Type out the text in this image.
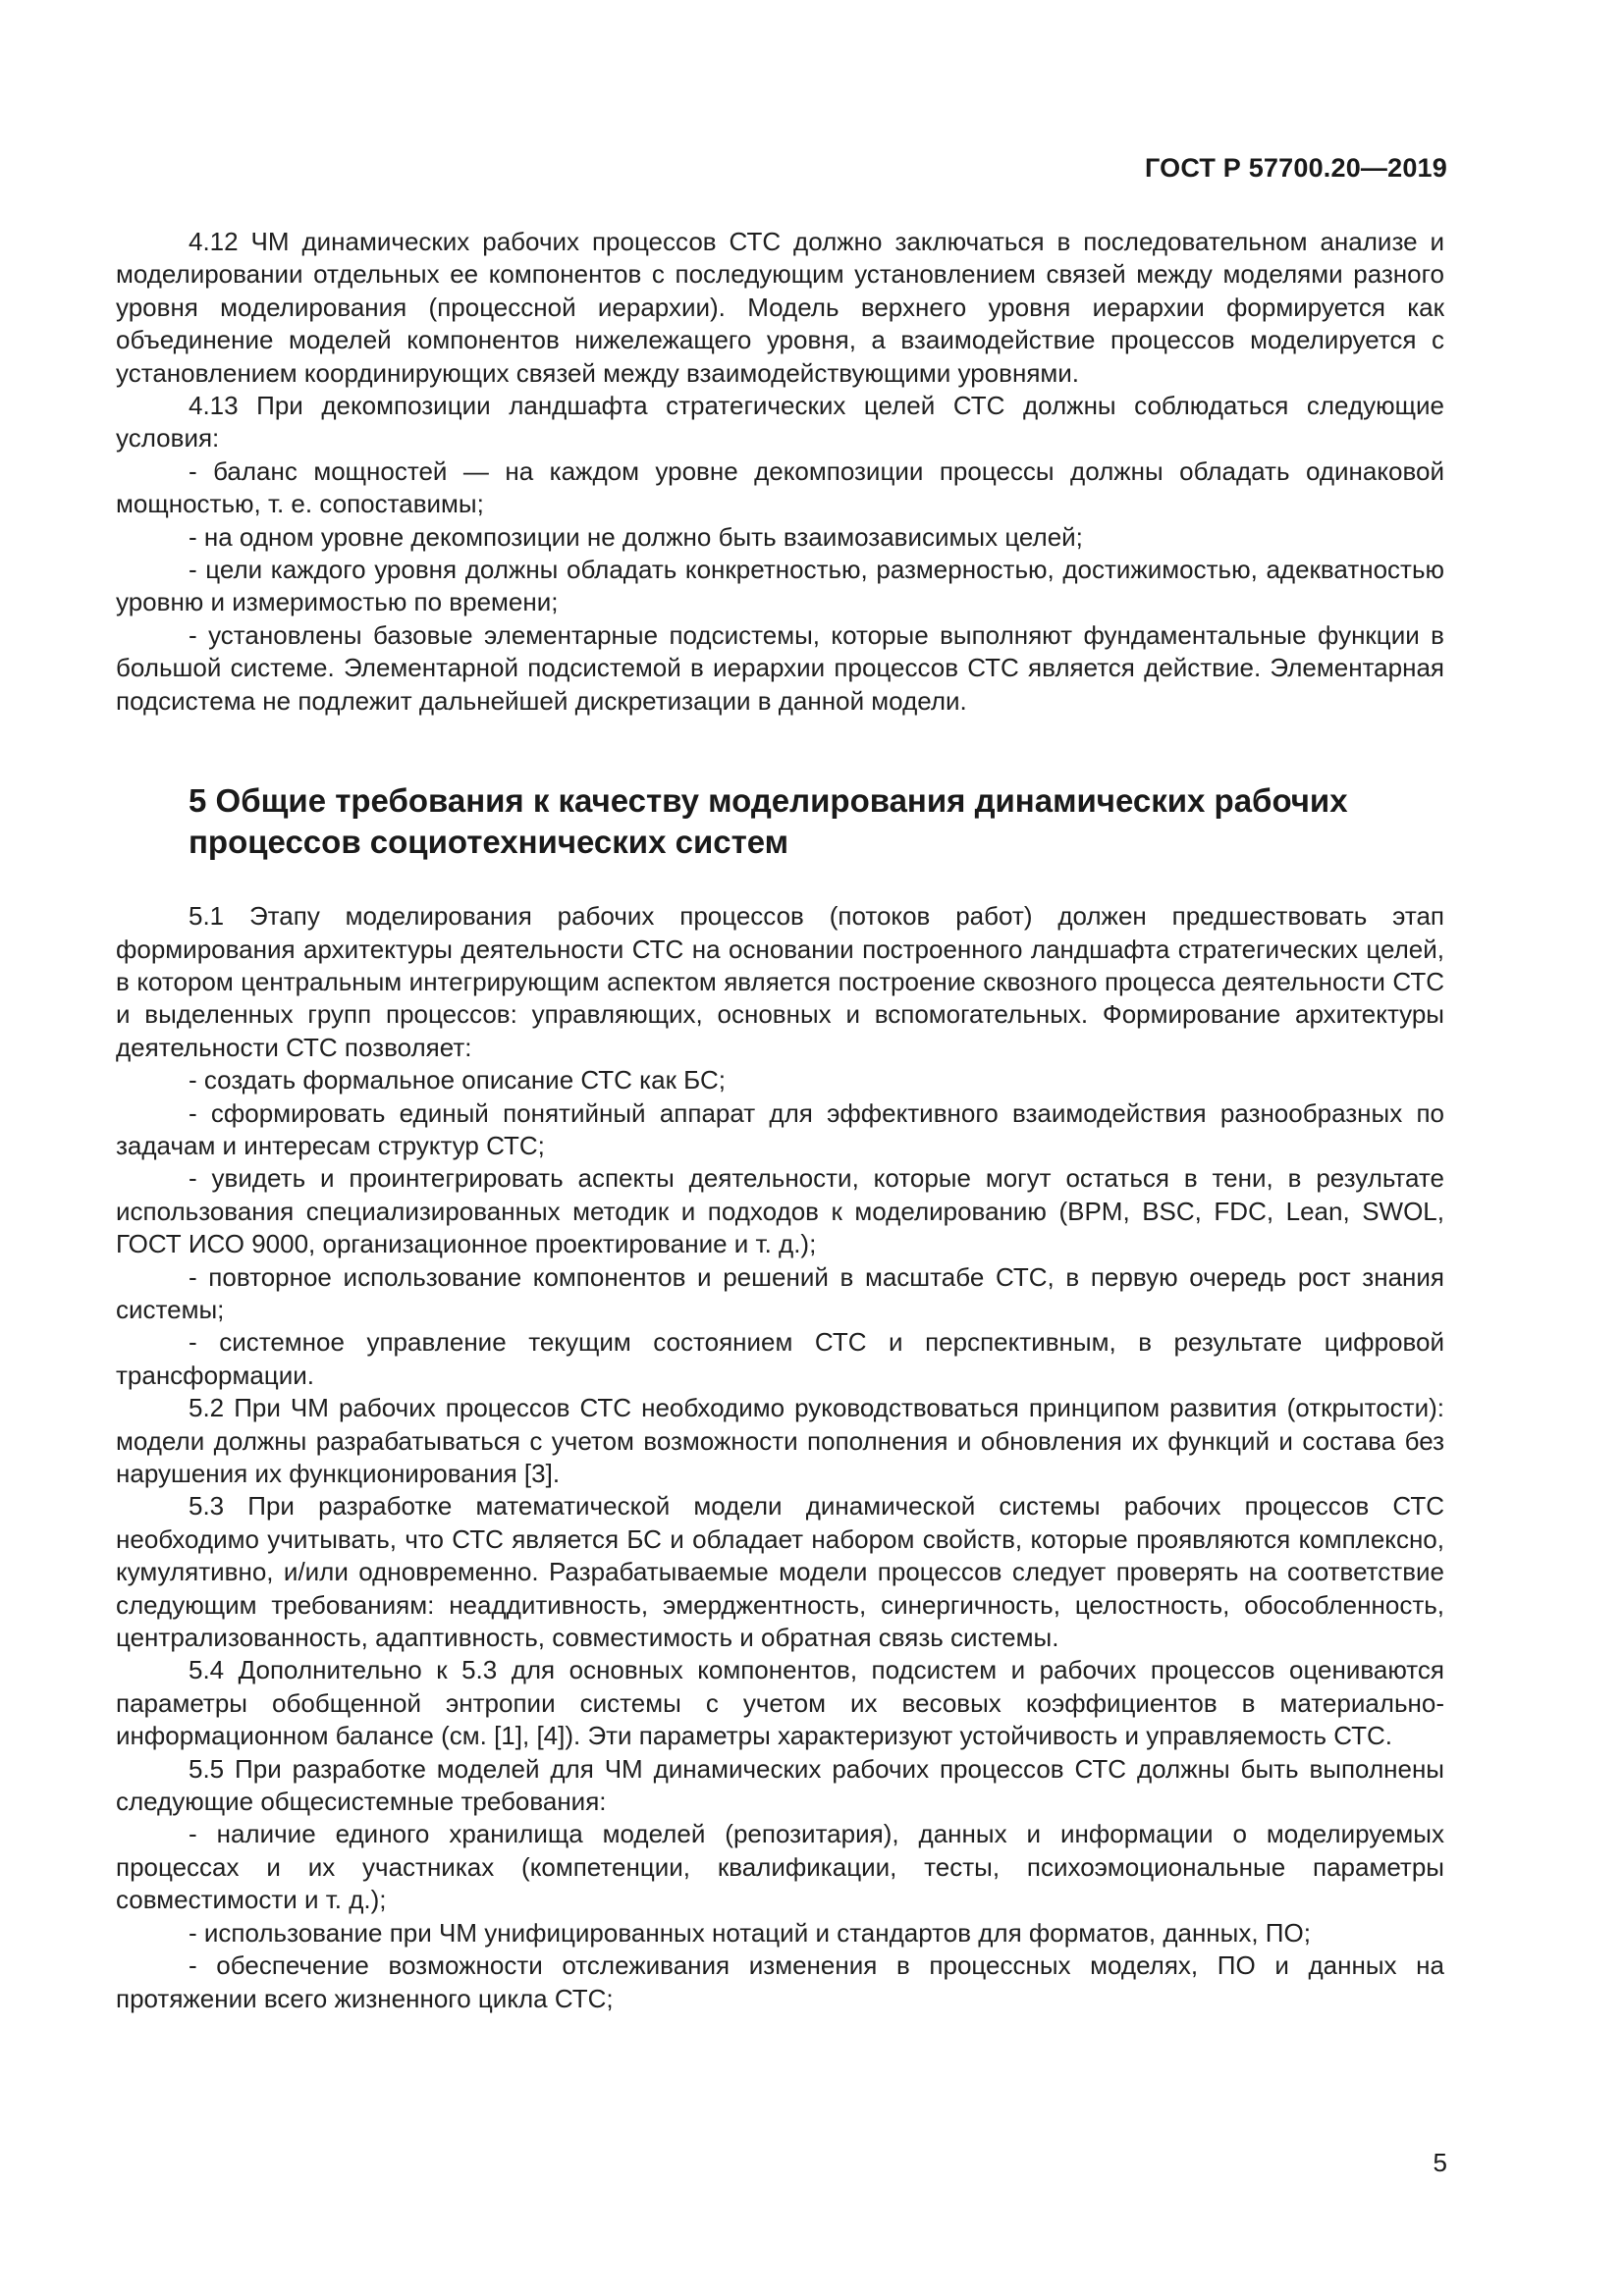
ГОСТ Р 57700.20—2019

4.12 ЧМ динамических рабочих процессов СТС должно заключаться в последовательном анализе и моделировании отдельных ее компонентов с последующим установлением связей между моделями разного уровня моделирования (процессной иерархии). Модель верхнего уровня иерархии формируется как объединение моделей компонентов нижележащего уровня, а взаимодействие процессов моделируется с установлением координирующих связей между взаимодействующими уровнями.

4.13 При декомпозиции ландшафта стратегических целей СТС должны соблюдаться следующие условия:

- баланс мощностей — на каждом уровне декомпозиции процессы должны обладать одинаковой мощностью, т. е. сопоставимы;

- на одном уровне декомпозиции не должно быть взаимозависимых целей;

- цели каждого уровня должны обладать конкретностью, размерностью, достижимостью, адекватностью уровню и измеримостью по времени;

- установлены базовые элементарные подсистемы, которые выполняют фундаментальные функции в большой системе. Элементарной подсистемой в иерархии процессов СТС является действие. Элементарная подсистема не подлежит дальнейшей дискретизации в данной модели.

5 Общие требования к качеству моделирования динамических рабочих
процессов социотехнических систем

5.1 Этапу моделирования рабочих процессов (потоков работ) должен предшествовать этап формирования архитектуры деятельности СТС на основании построенного ландшафта стратегических целей, в котором центральным интегрирующим аспектом является построение сквозного процесса деятельности СТС и выделенных групп процессов: управляющих, основных и вспомогательных. Формирование архитектуры деятельности СТС позволяет:

- создать формальное описание СТС как БС;

- сформировать единый понятийный аппарат для эффективного взаимодействия разнообразных по задачам и интересам структур СТС;

- увидеть и проинтегрировать аспекты деятельности, которые могут остаться в тени, в результате использования специализированных методик и подходов к моделированию (BPM, BSC, FDC, Lean, SWOL, ГОСТ ИСО 9000, организационное проектирование и т. д.);

- повторное использование компонентов и решений в масштабе СТС, в первую очередь рост знания системы;

- системное управление текущим состоянием СТС и перспективным, в результате цифровой трансформации.

5.2 При ЧМ рабочих процессов СТС необходимо руководствоваться принципом развития (открытости): модели должны разрабатываться с учетом возможности пополнения и обновления их функций и состава без нарушения их функционирования [3].

5.3 При разработке математической модели динамической системы рабочих процессов СТС необходимо учитывать, что СТС является БС и обладает набором свойств, которые проявляются комплексно, кумулятивно, и/или одновременно. Разрабатываемые модели процессов следует проверять на соответствие следующим требованиям: неаддитивность, эмерджентность, синергичность, целостность, обособленность, централизованность, адаптивность, совместимость и обратная связь системы.

5.4 Дополнительно к 5.3 для основных компонентов, подсистем и рабочих процессов оцениваются параметры обобщенной энтропии системы с учетом их весовых коэффициентов в материально-информационном балансе (см. [1], [4]). Эти параметры характеризуют устойчивость и управляемость СТС.

5.5 При разработке моделей для ЧМ динамических рабочих процессов СТС должны быть выполнены следующие общесистемные требования:

- наличие единого хранилища моделей (репозитария), данных и информации о моделируемых процессах и их участниках (компетенции, квалификации, тесты, психоэмоциональные параметры совместимости и т. д.);

- использование при ЧМ унифицированных нотаций и стандартов для форматов, данных, ПО;

- обеспечение возможности отслеживания изменения в процессных моделях, ПО и данных на протяжении всего жизненного цикла СТС;

5
